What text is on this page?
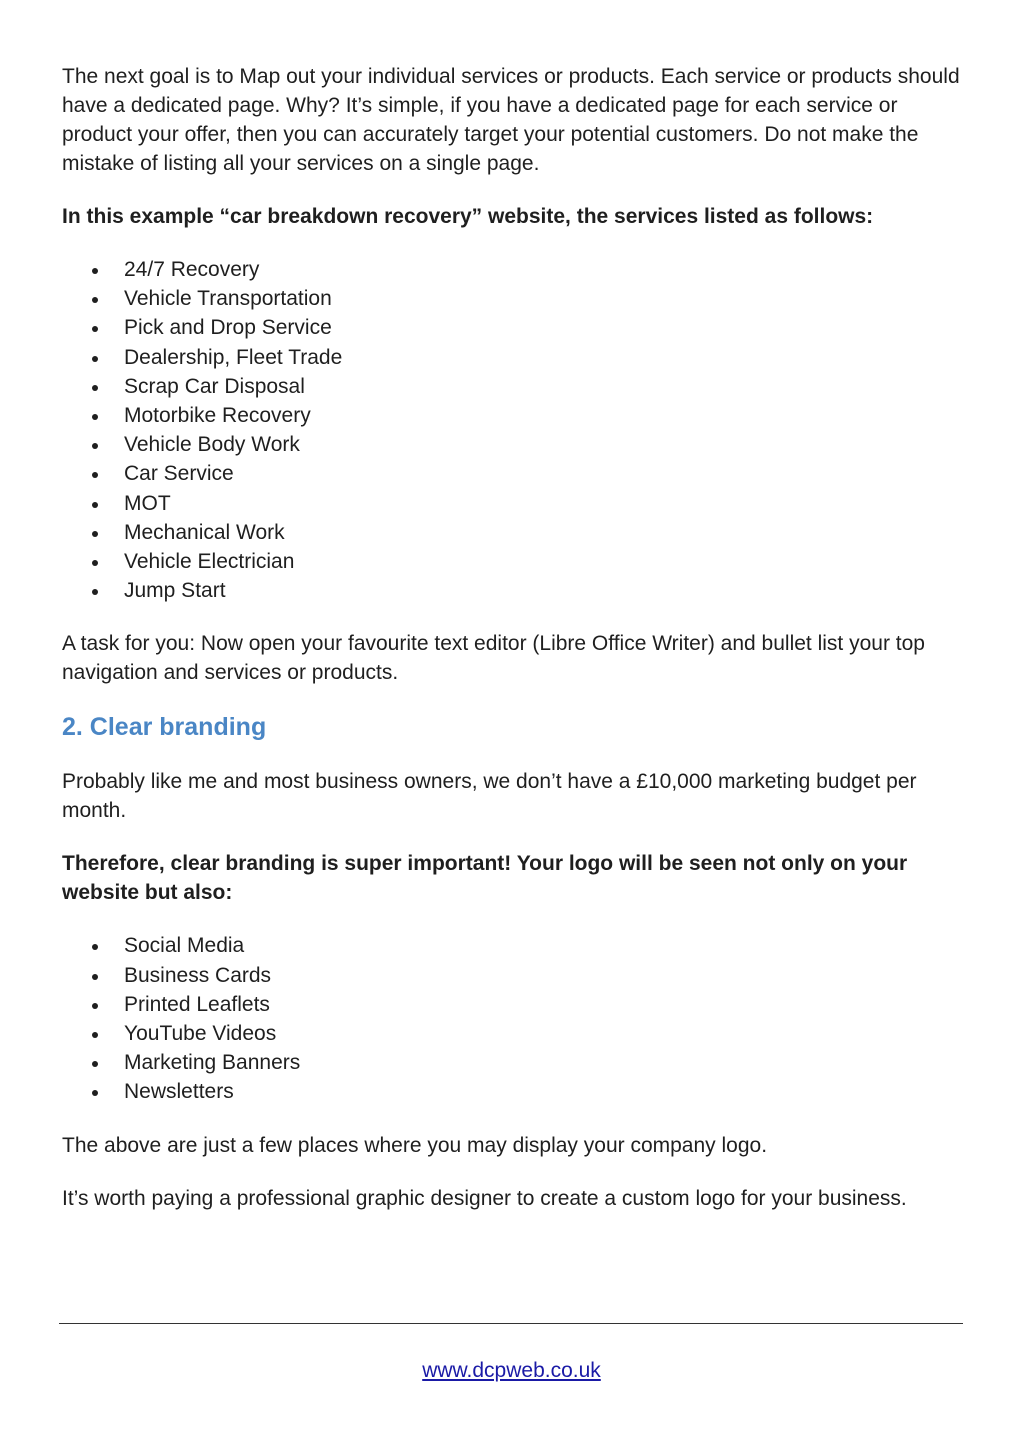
The next goal is to Map out your individual services or products. Each service or products should have a dedicated page. Why? It’s simple, if you have a dedicated page for each service or product your offer, then you can accurately target your potential customers. Do not make the mistake of listing all your services on a single page.

In this example “car breakdown recovery” website, the services listed as follows:

24/7 Recovery
Vehicle Transportation
Pick and Drop Service
Dealership, Fleet Trade
Scrap Car Disposal
Motorbike Recovery
Vehicle Body Work
Car Service
MOT
Mechanical Work
Vehicle Electrician
Jump Start

A task for you: Now open your favourite text editor (Libre Office Writer) and bullet list your top navigation and services or products.

2. Clear branding

Probably like me and most business owners, we don’t have a £10,000 marketing budget per month.

Therefore, clear branding is super important! Your logo will be seen not only on your website but also:

Social Media
Business Cards
Printed Leaflets
YouTube Videos
Marketing Banners
Newsletters

The above are just a few places where you may display your company logo.

It’s worth paying a professional graphic designer to create a custom logo for your business.

www.dcpweb.co.uk
